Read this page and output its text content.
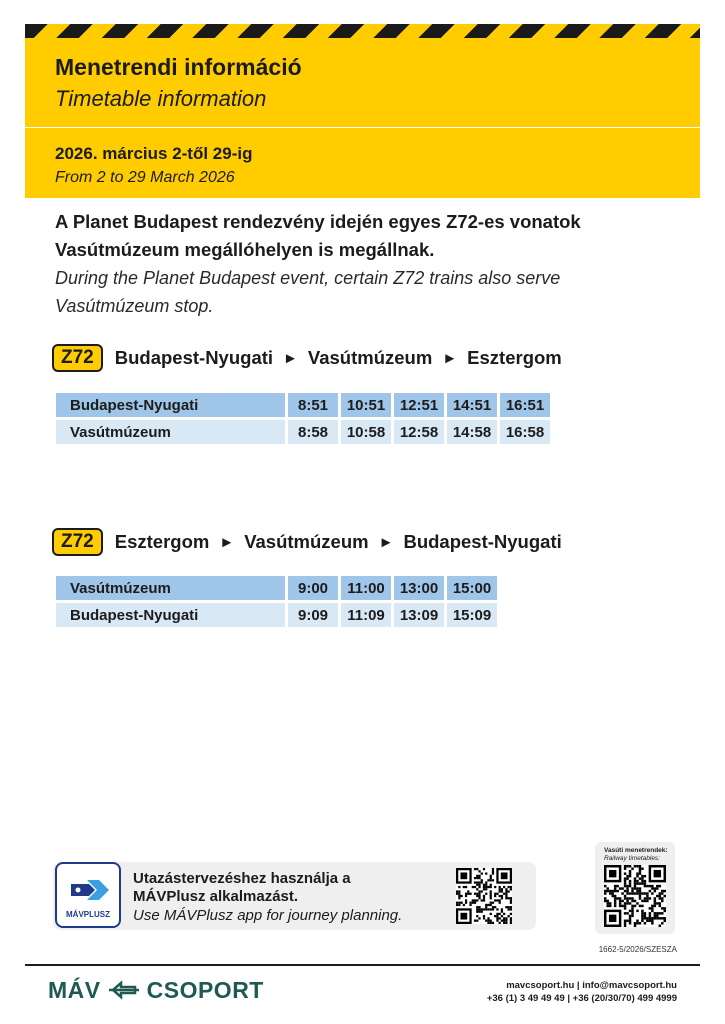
Menetrendi információ
Timetable information
2026. március 2-től 29-ig
From 2 to 29 March 2026

A Planet Budapest rendezvény idején egyes Z72-es vonatok Vasútmúzeum megállóhelyen is megállnak.

During the Planet Budapest event, certain Z72 trains also serve Vasútmúzeum stop.

Z72	Budapest-Nyugati ► Vasútmúzeum ► Esztergom
Budapest-Nyugati	8:51	10:51	12:51	14:51	16:51
Vasútmúzeum	8:58	10:58	12:58	14:58	16:58
Z72	Esztergom ► Vasútmúzeum ► Budapest-Nyugati
Vasútmúzeum	9:00	11:00	13:00	15:00
Budapest-Nyugati	9:09	11:09	13:09	15:09
MÁVPLUSZ
Utazástervezéshez használja a
MÁVPlusz alkalmazást.
Use MÁVPlusz app for journey planning.
Vasúti menetrendek:
Railway timetables:
1662-5/2026/SZESZA
MÁV CSOPORT	mavcsoport.hu | info@mavcsoport.hu
+36 (1) 3 49 49 49 | +36 (20/30/70) 499 4999
